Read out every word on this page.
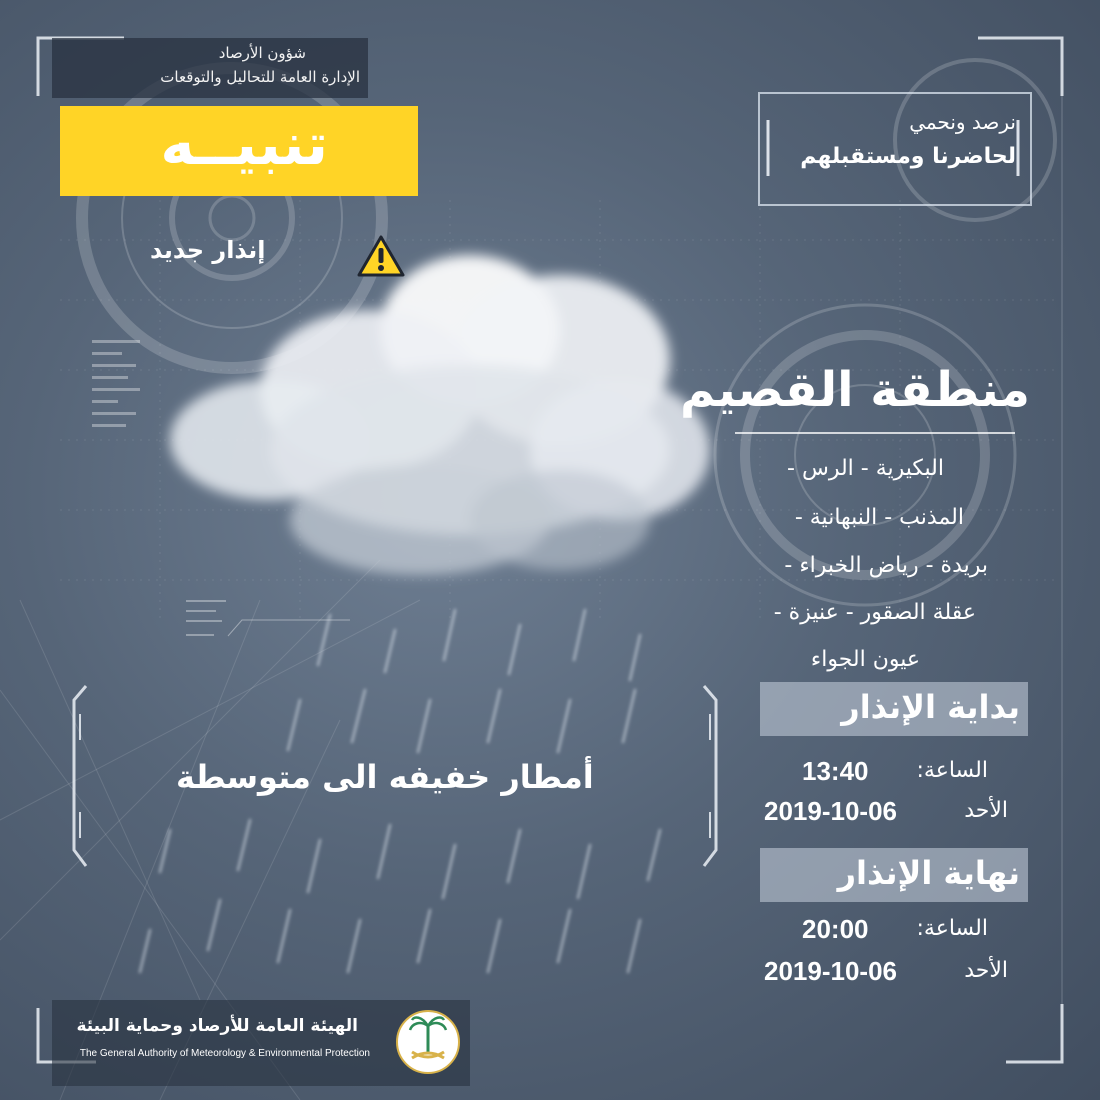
شؤون الأرصاد
الإدارة العامة للتحاليل والتوقعات
تنبيــه
إنذار جديد
نرصد ونحمي
لحاضرنا ومستقبلهم
منطقة القصيم
البكيرية - الرس -
المذنب - النبهانية -
بريدة - رياض الخبراء -
عقلة الصقور - عنيزة -
عيون الجواء
بداية الإنذار
الساعة:
13:40
الأحد
2019-10-06
نهاية الإنذار
الساعة:
20:00
الأحد
2019-10-06
أمطار خفيفه الى متوسطة
الهيئة العامة للأرصاد وحماية البيئة
The General Authority of Meteorology & Environmental Protection
